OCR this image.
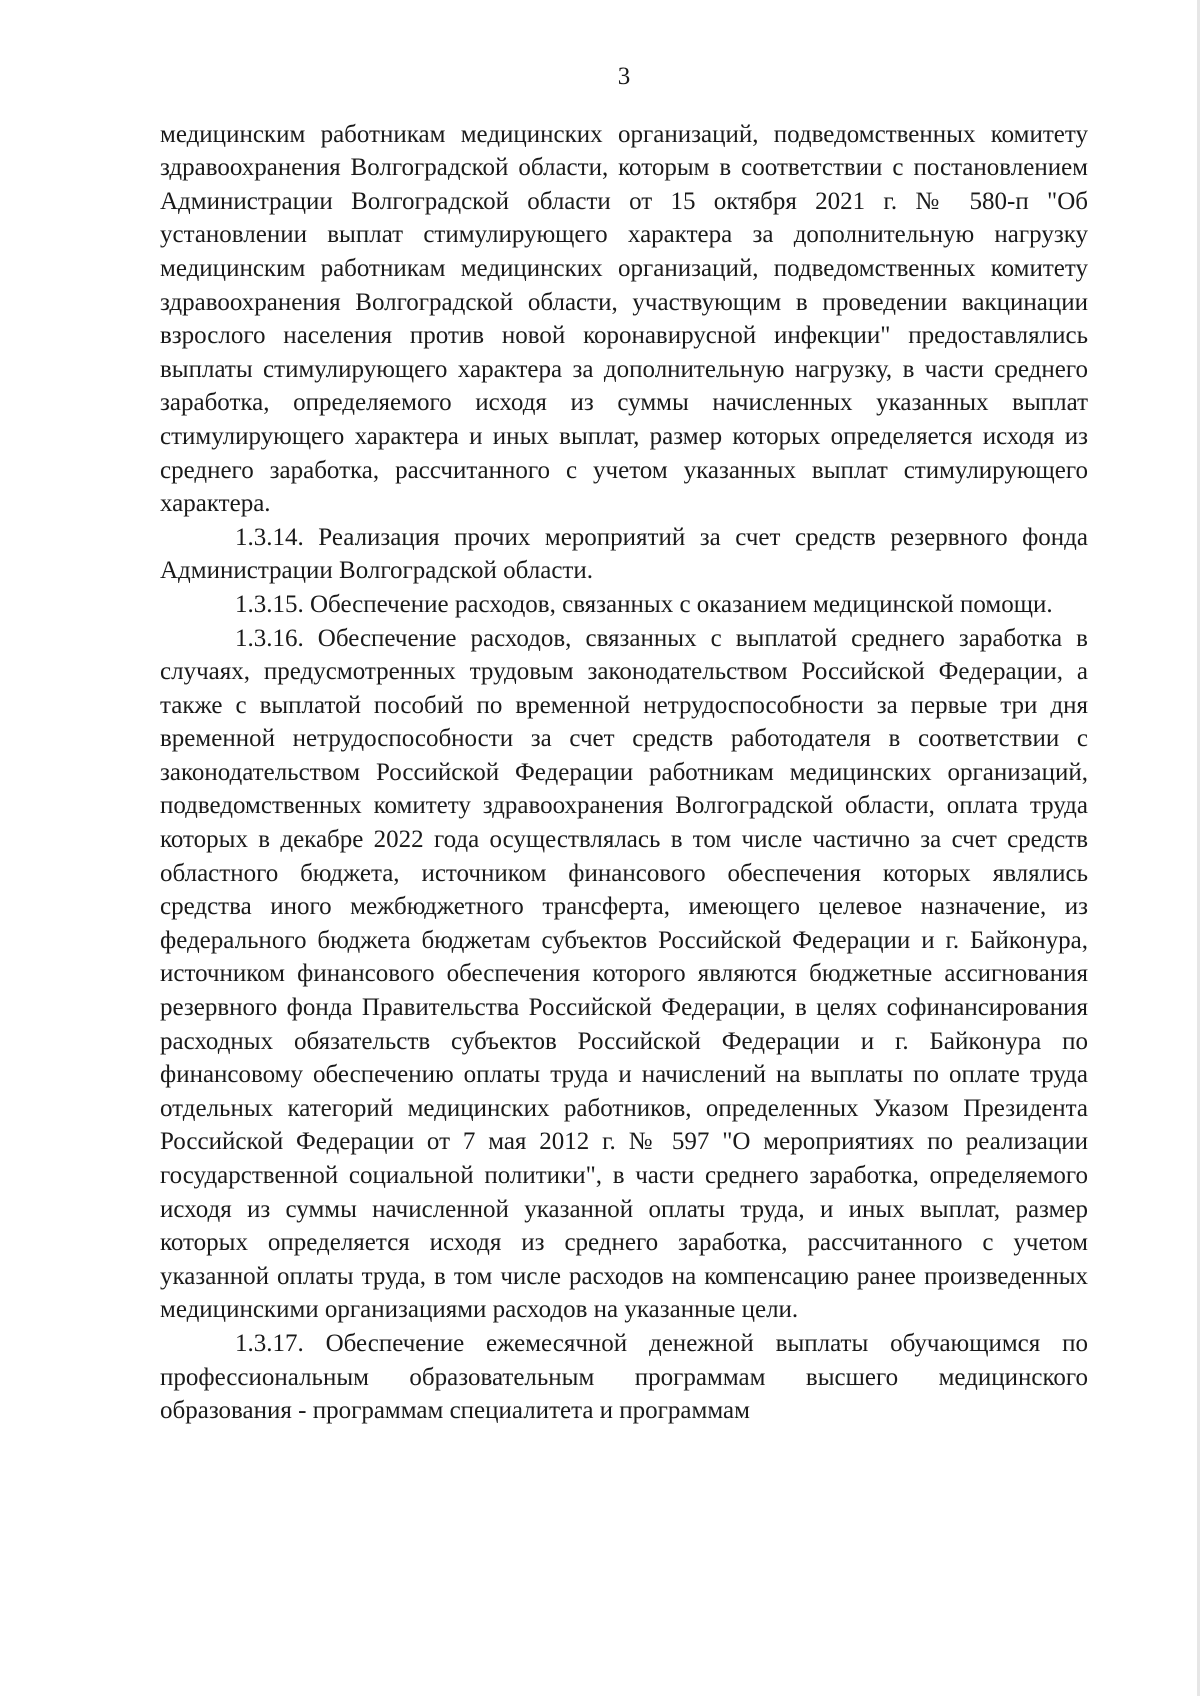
3

медицинским работникам медицинских организаций, подведомственных комитету здравоохранения Волгоградской области, которым в соответствии с постановлением Администрации Волгоградской области от 15 октября 2021 г. № 580-п "Об установлении выплат стимулирующего характера за дополнительную нагрузку медицинским работникам медицинских организаций, подведомственных комитету здравоохранения Волгоградской области, участвующим в проведении вакцинации взрослого населения против новой коронавирусной инфекции" предоставлялись выплаты стимулирующего характера за дополнительную нагрузку, в части среднего заработка, определяемого исходя из суммы начисленных указанных выплат стимулирующего характера и иных выплат, размер которых определяется исходя из среднего заработка, рассчитанного с учетом указанных выплат стимулирующего характера.

1.3.14. Реализация прочих мероприятий за счет средств резервного фонда Администрации Волгоградской области.

1.3.15. Обеспечение расходов, связанных с оказанием медицинской помощи.

1.3.16. Обеспечение расходов, связанных с выплатой среднего заработка в случаях, предусмотренных трудовым законодательством Российской Федерации, а также с выплатой пособий по временной нетрудоспособности за первые три дня временной нетрудоспособности за счет средств работодателя в соответствии с законодательством Российской Федерации работникам медицинских организаций, подведомственных комитету здравоохранения Волгоградской области, оплата труда которых в декабре 2022 года осуществлялась в том числе частично за счет средств областного бюджета, источником финансового обеспечения которых являлись средства иного межбюджетного трансферта, имеющего целевое назначение, из федерального бюджета бюджетам субъектов Российской Федерации и г. Байконура, источником финансового обеспечения которого являются бюджетные ассигнования резервного фонда Правительства Российской Федерации, в целях софинансирования расходных обязательств субъектов Российской Федерации и г. Байконура по финансовому обеспечению оплаты труда и начислений на выплаты по оплате труда отдельных категорий медицинских работников, определенных Указом Президента Российской Федерации от 7 мая 2012 г. № 597 "О мероприятиях по реализации государственной социальной политики", в части среднего заработка, определяемого исходя из суммы начисленной указанной оплаты труда, и иных выплат, размер которых определяется исходя из среднего заработка, рассчитанного с учетом указанной оплаты труда, в том числе расходов на компенсацию ранее произведенных медицинскими организациями расходов на указанные цели.

1.3.17. Обеспечение ежемесячной денежной выплаты обучающимся по профессиональным образовательным программам высшего медицинского образования - программам специалитета и программам
